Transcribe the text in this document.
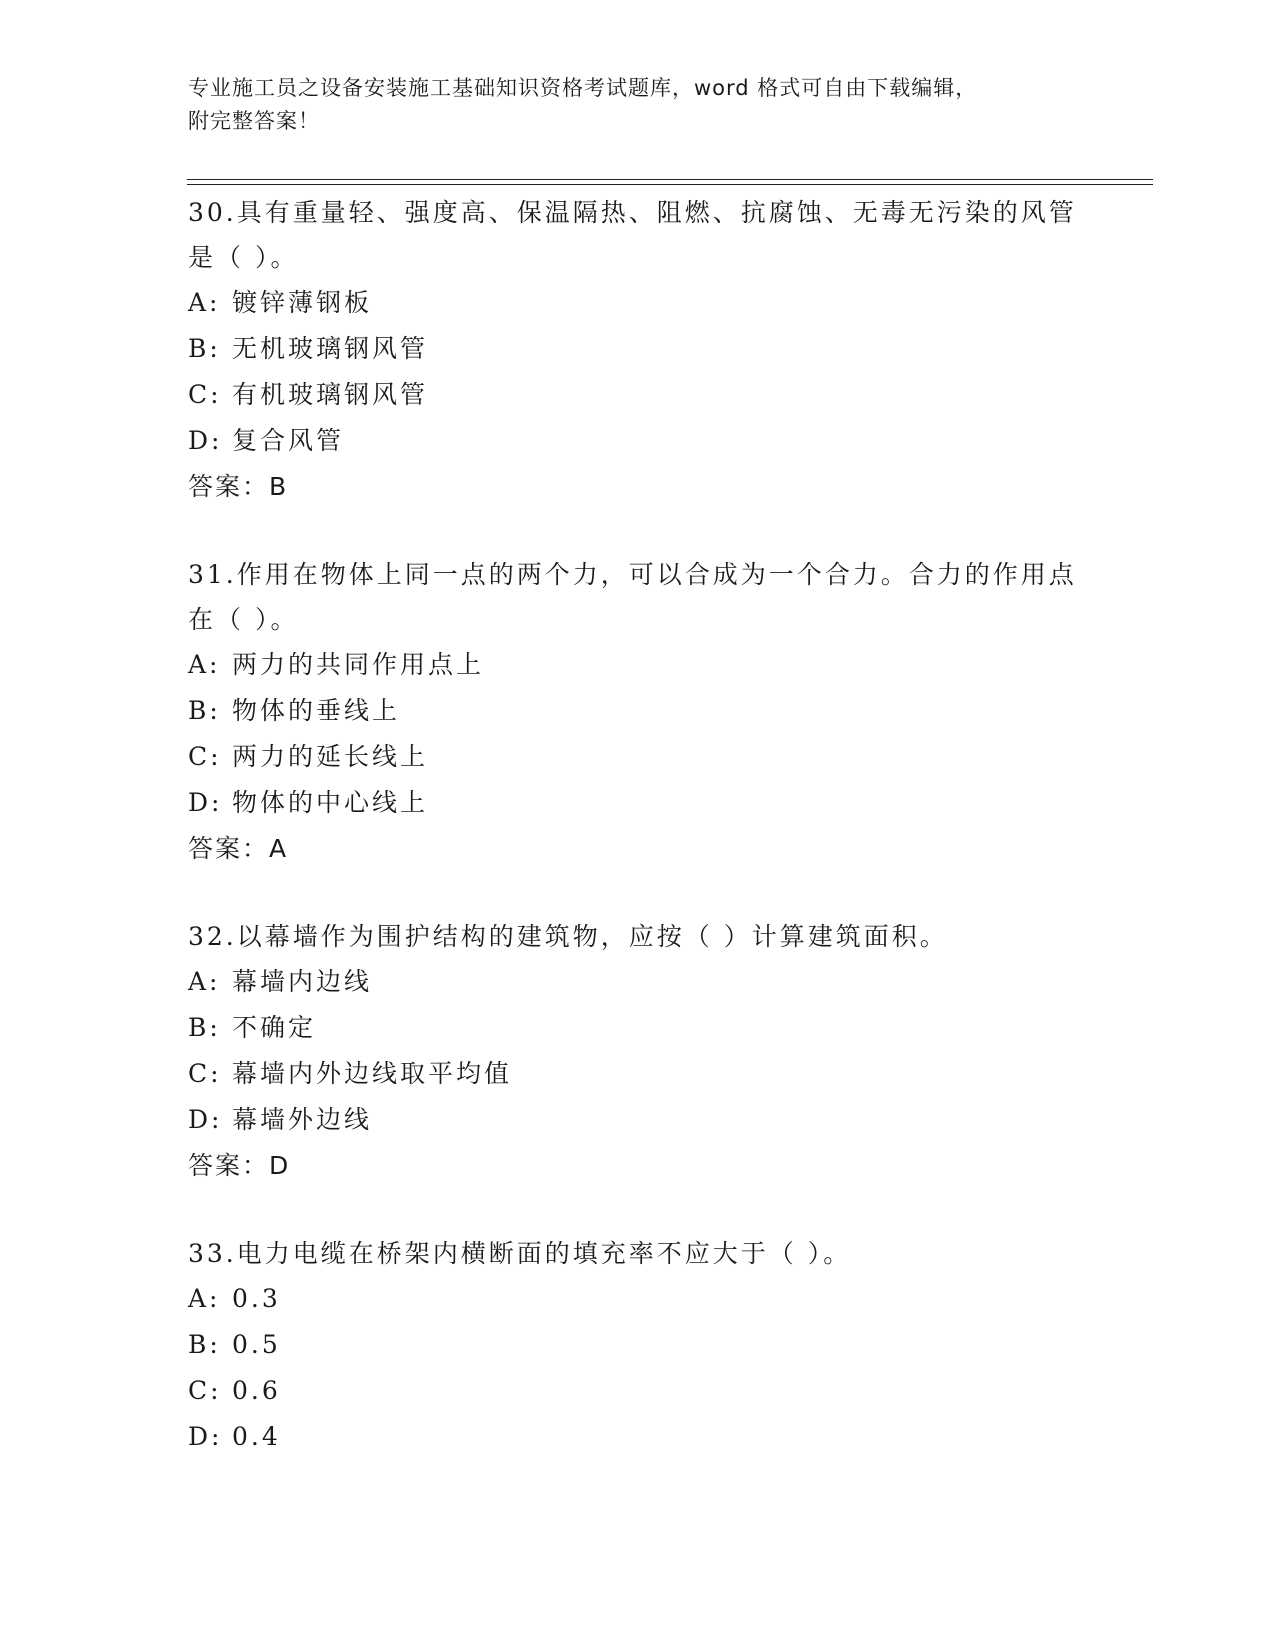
专业施工员之设备安装施工基础知识资格考试题库，word 格式可自由下载编辑，
附完整答案！

30.具有重量轻、强度高、保温隔热、阻燃、抗腐蚀、无毒无污染的风管是（ ）。

A: 镀锌薄钢板
B: 无机玻璃钢风管
C: 有机玻璃钢风管
D: 复合风管
答案：B

31.作用在物体上同一点的两个力，可以合成为一个合力。合力的作用点在（ ）。

A: 两力的共同作用点上
B: 物体的垂线上
C: 两力的延长线上
D: 物体的中心线上
答案：A

32.以幕墙作为围护结构的建筑物，应按（ ）计算建筑面积。

A: 幕墙内边线
B: 不确定
C: 幕墙内外边线取平均值
D: 幕墙外边线
答案：D

33.电力电缆在桥架内横断面的填充率不应大于（ ）。

A: 0.3
B: 0.5
C: 0.6
D: 0.4
